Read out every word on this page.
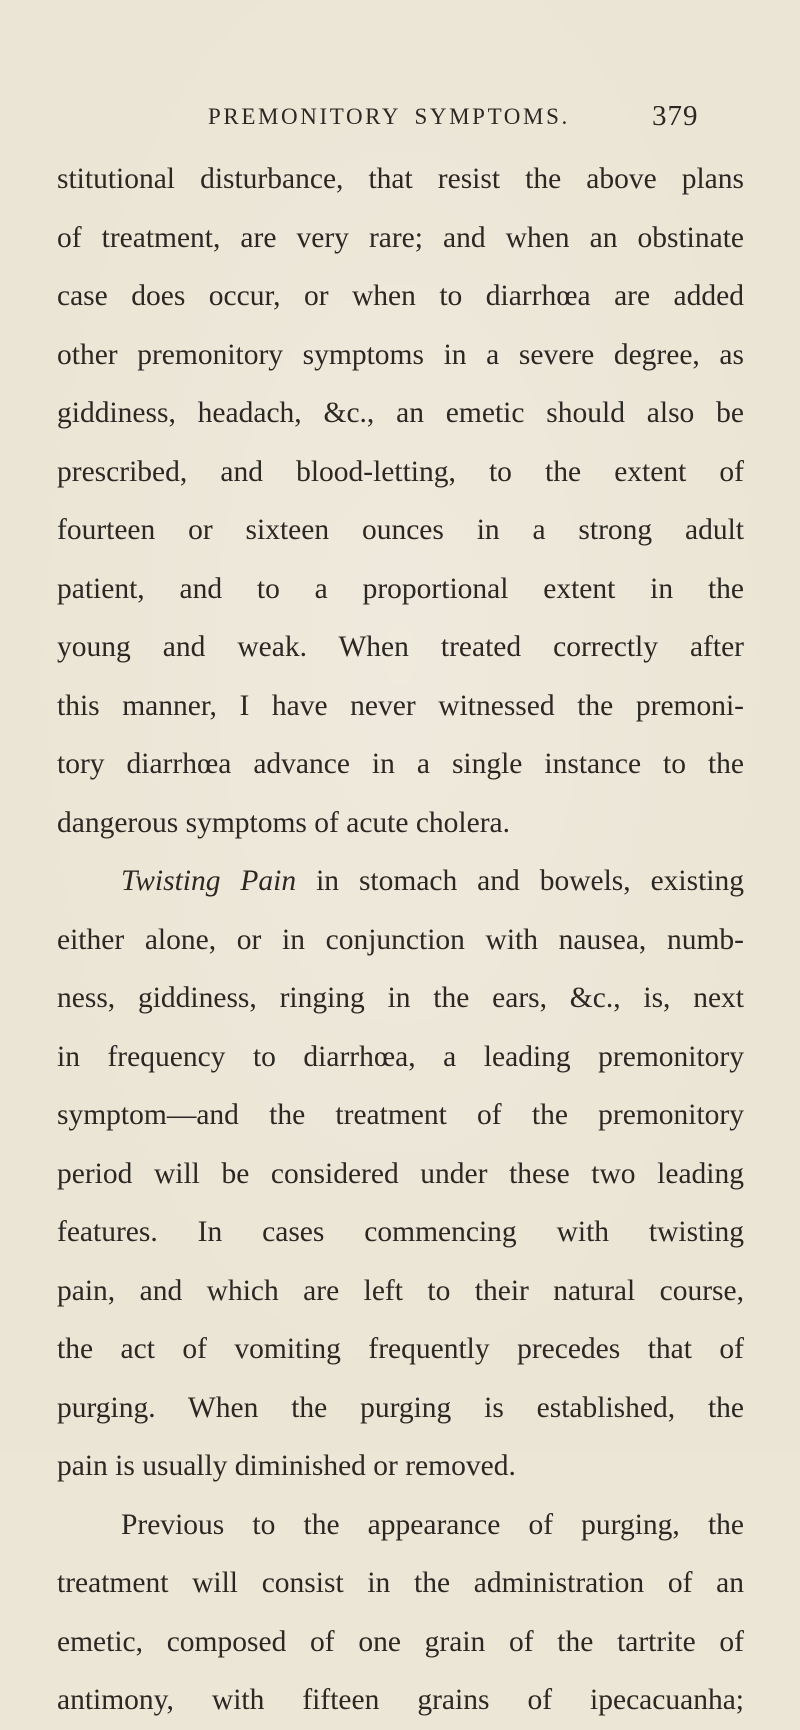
PREMONITORY SYMPTOMS.	379
stitutional disturbance, that resist the above plans
of treatment, are very rare; and when an obstinate
case does occur, or when to diarrhœa are added
other premonitory symptoms in a severe degree, as
giddiness, headach, &c., an emetic should also be
prescribed, and blood-letting, to the extent of
fourteen or sixteen ounces in a strong adult
patient, and to a proportional extent in the
young and weak. When treated correctly after
this manner, I have never witnessed the premoni-
tory diarrhœa advance in a single instance to the
dangerous symptoms of acute cholera.
Twisting Pain in stomach and bowels, existing
either alone, or in conjunction with nausea, numb-
ness, giddiness, ringing in the ears, &c., is, next
in frequency to diarrhœa, a leading premonitory
symptom—and the treatment of the premonitory
period will be considered under these two leading
features. In cases commencing with twisting
pain, and which are left to their natural course,
the act of vomiting frequently precedes that of
purging. When the purging is established, the
pain is usually diminished or removed.
Previous to the appearance of purging, the
treatment will consist in the administration of an
emetic, composed of one grain of the tartrite of
antimony, with fifteen grains of ipecacuanha;
